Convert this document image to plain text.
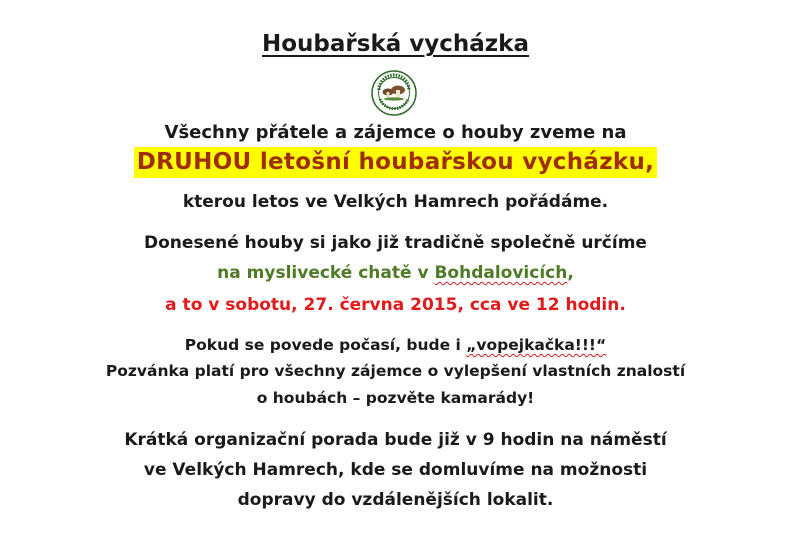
Houbařská vycházka
Všechny přátele a zájemce o houby zveme na
DRUHOU letošní houbařskou vycházku,
kterou letos ve Velkých Hamrech pořádáme.
Donesené houby si jako již tradičně společně určíme
na myslivecké chatě v Bohdalovicích,
a to v sobotu, 27. června 2015, cca ve 12 hodin.
Pokud se povede počasí, bude i „vopejkačka!!!“
Pozvánka platí pro všechny zájemce o vylepšení vlastních znalostí
o houbách – pozvěte kamarády!
Krátká organizační porada bude již v 9 hodin na náměstí
ve Velkých Hamrech, kde se domluvíme na možnosti
dopravy do vzdálenějších lokalit.
